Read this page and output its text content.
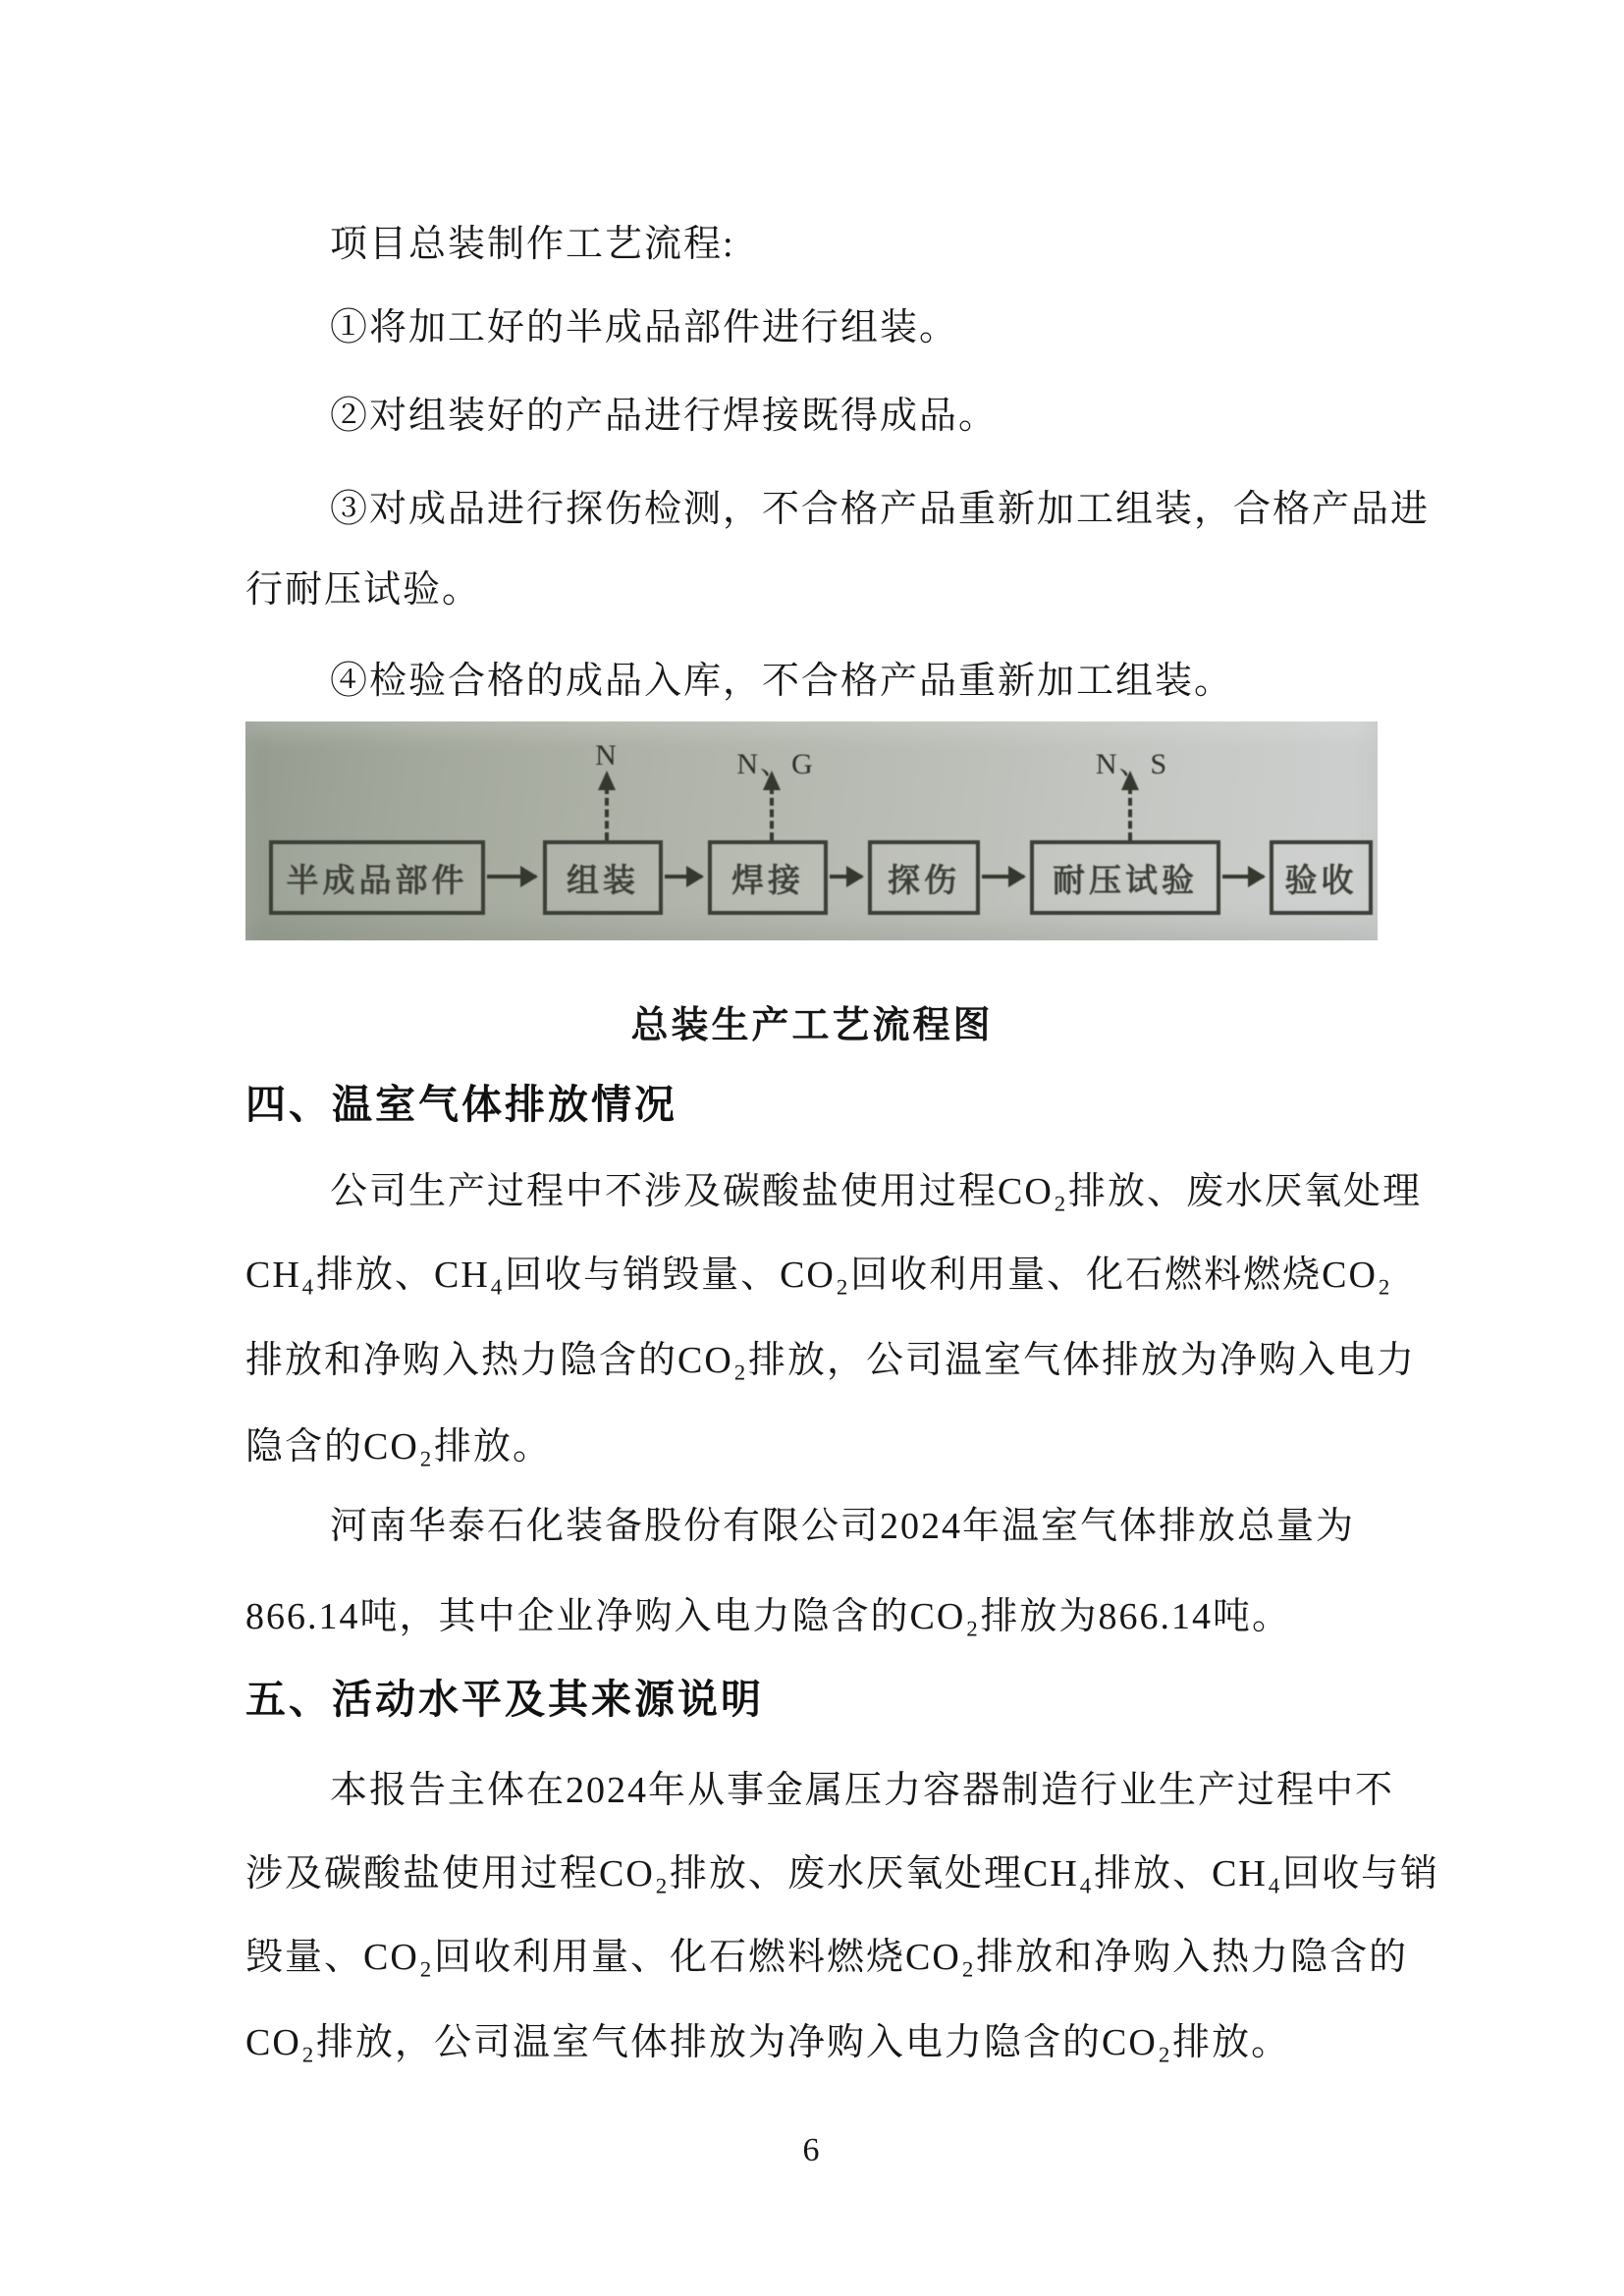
项目总装制作工艺流程:
①将加工好的半成品部件进行组装。
②对组装好的产品进行焊接既得成品。
③对成品进行探伤检测，不合格产品重新加工组装，合格产品进
行耐压试验。
④检验合格的成品入库，不合格产品重新加工组装。
N	N、G	N、S
半成品部件	组装	焊接	探伤	耐压试验	验收
总装生产工艺流程图
四、温室气体排放情况
公司生产过程中不涉及碳酸盐使用过程CO₂排放、废水厌氧处理
CH₄排放、CH₄回收与销毁量、CO₂回收利用量、化石燃料燃烧CO₂
排放和净购入热力隐含的CO₂排放，公司温室气体排放为净购入电力
隐含的CO₂排放。
河南华泰石化装备股份有限公司2024年温室气体排放总量为
866.14吨，其中企业净购入电力隐含的CO₂排放为866.14吨。
五、活动水平及其来源说明
本报告主体在2024年从事金属压力容器制造行业生产过程中不
涉及碳酸盐使用过程CO₂排放、废水厌氧处理CH₄排放、CH₄回收与销
毁量、CO₂回收利用量、化石燃料燃烧CO₂排放和净购入热力隐含的
CO₂排放，公司温室气体排放为净购入电力隐含的CO₂排放。
6
